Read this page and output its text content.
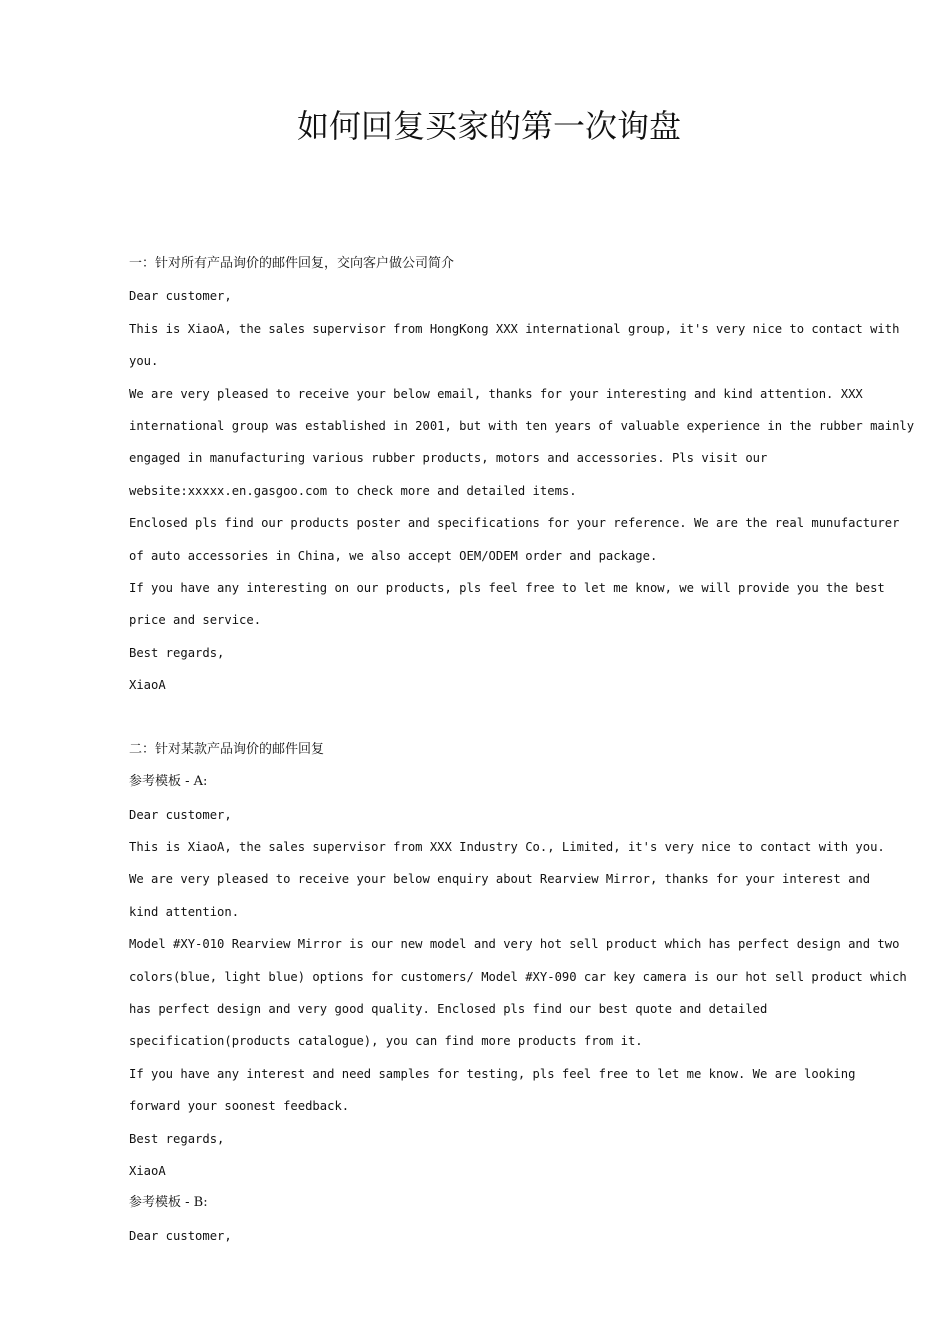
如何回复买家的第一次询盘
一：针对所有产品询价的邮件回复，交向客户做公司简介
Dear customer,
This is XiaoA, the sales supervisor from HongKong XXX international group, it's very nice to contact with
you.
We are very pleased to receive your below email, thanks for your interesting and kind attention. XXX
international group was established in 2001, but with ten years of valuable experience in the rubber mainly
engaged in manufacturing various rubber products, motors and accessories. Pls visit our
website:xxxxx.en.gasgoo.com to check more and detailed items.
Enclosed pls find our products poster and specifications for your reference. We are the real munufacturer
of auto accessories in China, we also accept OEM/ODEM order and package.
If you have any interesting on our products, pls feel free to let me know, we will provide you the best
price and service.
Best regards,
XiaoA
二：针对某款产品询价的邮件回复
参考模板 - A:
Dear customer,
This is XiaoA, the sales supervisor from XXX Industry Co., Limited, it's very nice to contact with you.
We are very pleased to receive your below enquiry about Rearview Mirror, thanks for your interest and
kind attention.
Model #XY-010 Rearview Mirror is our new model and very hot sell product which has perfect design and two
colors(blue, light blue) options for customers/ Model #XY-090 car key camera is our hot sell product which
has perfect design and very good quality. Enclosed pls find our best quote and detailed
specification(products catalogue), you can find more products from it.
If you have any interest and need samples for testing, pls feel free to let me know. We are looking
forward your soonest feedback.
Best regards,
XiaoA
参考模板 - B:
Dear customer,
